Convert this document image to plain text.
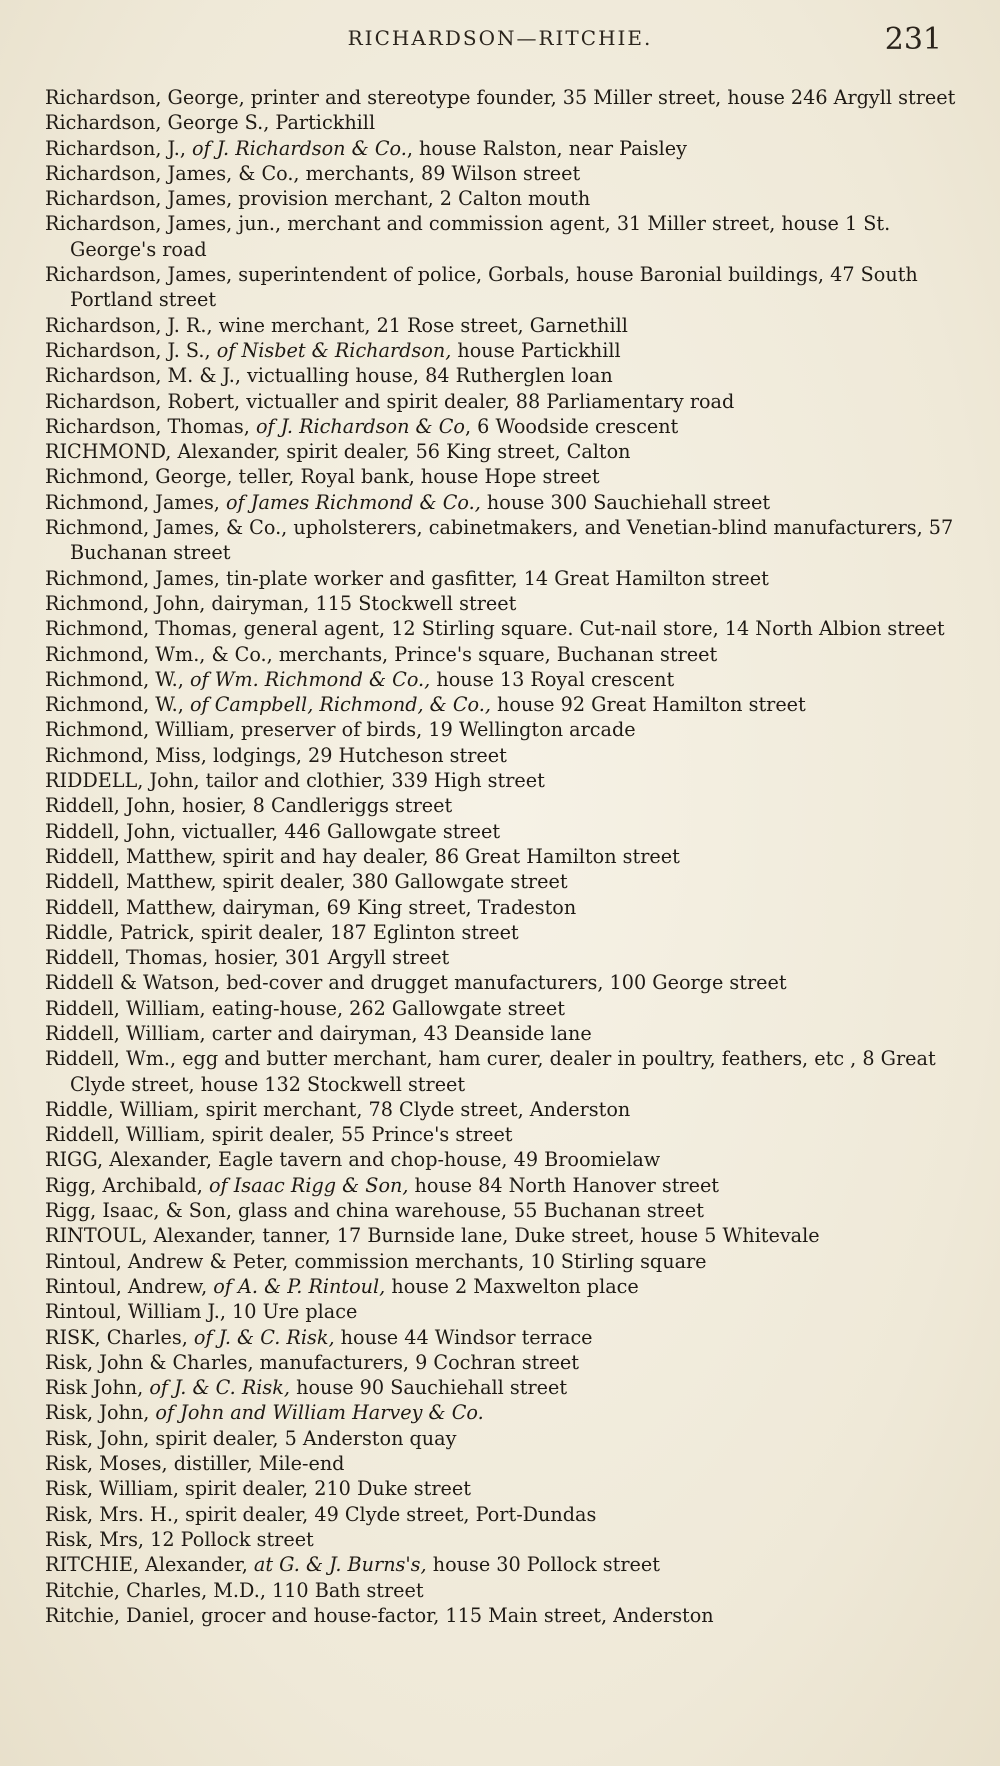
RICHARDSON—RITCHIE.	231
Richardson, George, printer and stereotype founder, 35 Miller street, house 246 Argyll street
Richardson, George S., Partickhill
Richardson, J., of J. Richardson & Co., house Ralston, near Paisley
Richardson, James, & Co., merchants, 89 Wilson street
Richardson, James, provision merchant, 2 Calton mouth
Richardson, James, jun., merchant and commission agent, 31 Miller street, house 1 St. George's road
Richardson, James, superintendent of police, Gorbals, house Baronial buildings, 47 South Portland street
Richardson, J. R., wine merchant, 21 Rose street, Garnethill
Richardson, J. S., of Nisbet & Richardson, house Partickhill
Richardson, M. & J., victualling house, 84 Rutherglen loan
Richardson, Robert, victualler and spirit dealer, 88 Parliamentary road
Richardson, Thomas, of J. Richardson & Co, 6 Woodside crescent
RICHMOND, Alexander, spirit dealer, 56 King street, Calton
Richmond, George, teller, Royal bank, house Hope street
Richmond, James, of James Richmond & Co., house 300 Sauchiehall street
Richmond, James, & Co., upholsterers, cabinetmakers, and Venetian-blind manufacturers, 57 Buchanan street
Richmond, James, tin-plate worker and gasfitter, 14 Great Hamilton street
Richmond, John, dairyman, 115 Stockwell street
Richmond, Thomas, general agent, 12 Stirling square. Cut-nail store, 14 North Albion street
Richmond, Wm., & Co., merchants, Prince's square, Buchanan street
Richmond, W., of Wm. Richmond & Co., house 13 Royal crescent
Richmond, W., of Campbell, Richmond, & Co., house 92 Great Hamilton street
Richmond, William, preserver of birds, 19 Wellington arcade
Richmond, Miss, lodgings, 29 Hutcheson street
RIDDELL, John, tailor and clothier, 339 High street
Riddell, John, hosier, 8 Candleriggs street
Riddell, John, victualler, 446 Gallowgate street
Riddell, Matthew, spirit and hay dealer, 86 Great Hamilton street
Riddell, Matthew, spirit dealer, 380 Gallowgate street
Riddell, Matthew, dairyman, 69 King street, Tradeston
Riddle, Patrick, spirit dealer, 187 Eglinton street
Riddell, Thomas, hosier, 301 Argyll street
Riddell & Watson, bed-cover and drugget manufacturers, 100 George street
Riddell, William, eating-house, 262 Gallowgate street
Riddell, William, carter and dairyman, 43 Deanside lane
Riddell, Wm., egg and butter merchant, ham curer, dealer in poultry, feathers, etc , 8 Great Clyde street, house 132 Stockwell street
Riddle, William, spirit merchant, 78 Clyde street, Anderston
Riddell, William, spirit dealer, 55 Prince's street
RIGG, Alexander, Eagle tavern and chop-house, 49 Broomielaw
Rigg, Archibald, of Isaac Rigg & Son, house 84 North Hanover street
Rigg, Isaac, & Son, glass and china warehouse, 55 Buchanan street
RINTOUL, Alexander, tanner, 17 Burnside lane, Duke street, house 5 Whitevale
Rintoul, Andrew & Peter, commission merchants, 10 Stirling square
Rintoul, Andrew, of A. & P. Rintoul, house 2 Maxwelton place
Rintoul, William J., 10 Ure place
RISK, Charles, of J. & C. Risk, house 44 Windsor terrace
Risk, John & Charles, manufacturers, 9 Cochran street
Risk John, of J. & C. Risk, house 90 Sauchiehall street
Risk, John, of John and William Harvey & Co.
Risk, John, spirit dealer, 5 Anderston quay
Risk, Moses, distiller, Mile-end
Risk, William, spirit dealer, 210 Duke street
Risk, Mrs. H., spirit dealer, 49 Clyde street, Port-Dundas
Risk, Mrs, 12 Pollock street
RITCHIE, Alexander, at G. & J. Burns's, house 30 Pollock street
Ritchie, Charles, M.D., 110 Bath street
Ritchie, Daniel, grocer and house-factor, 115 Main street, Anderston
